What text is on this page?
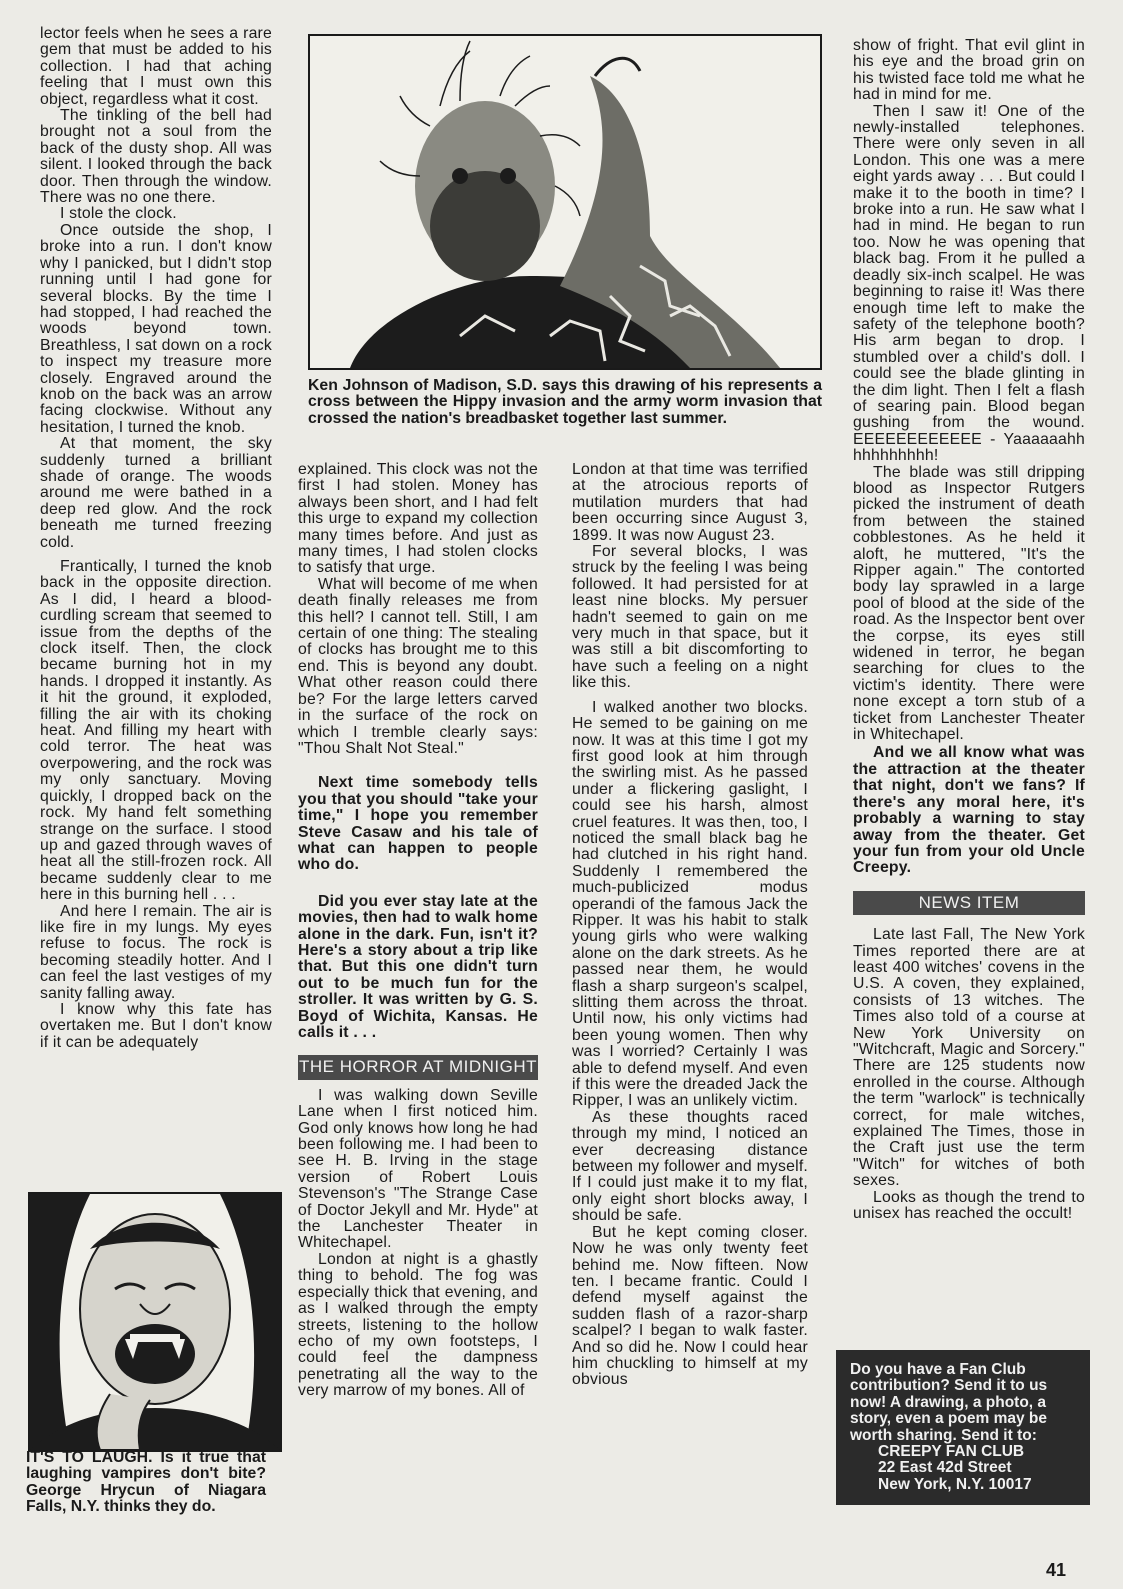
lector feels when he sees a rare gem that must be added to his collection. I had that aching feeling that I must own this object, regardless what it cost.

The tinkling of the bell had brought not a soul from the back of the dusty shop. All was silent. I looked through the back door. Then through the window. There was no one there.

I stole the clock.

Once outside the shop, I broke into a run. I don't know why I panicked, but I didn't stop running until I had gone for several blocks. By the time I had stopped, I had reached the woods beyond town. Breathless, I sat down on a rock to inspect my treasure more closely. Engraved around the knob on the back was an arrow facing clockwise. Without any hesitation, I turned the knob.

At that moment, the sky suddenly turned a brilliant shade of orange. The woods around me were bathed in a deep red glow. And the rock beneath me turned freezing cold.

Frantically, I turned the knob back in the opposite direction. As I did, I heard a blood-curdling scream that seemed to issue from the depths of the clock itself. Then, the clock became burning hot in my hands. I dropped it instantly. As it hit the ground, it exploded, filling the air with its choking heat. And filling my heart with cold terror. The heat was overpowering, and the rock was my only sanctuary. Moving quickly, I dropped back on the rock. My hand felt something strange on the surface. I stood up and gazed through waves of heat all the still-frozen rock. All became suddenly clear to me here in this burning hell . . .

And here I remain. The air is like fire in my lungs. My eyes refuse to focus. The rock is becoming steadily hotter. And I can feel the last vestiges of my sanity falling away.

I know why this fate has overtaken me. But I don't know if it can be adequately

Ken Johnson of Madison, S.D. says this drawing of his represents a cross between the Hippy invasion and the army worm invasion that crossed the nation's breadbasket together last summer.

explained. This clock was not the first I had stolen. Money has always been short, and I had felt this urge to expand my collection many times before. And just as many times, I had stolen clocks to satisfy that urge.

What will become of me when death finally releases me from this hell? I cannot tell. Still, I am certain of one thing: The stealing of clocks has brought me to this end. This is beyond any doubt. What other reason could there be? For the large letters carved in the surface of the rock on which I tremble clearly says: "Thou Shalt Not Steal."

Next time somebody tells you that you should "take your time," I hope you remember Steve Casaw and his tale of what can happen to people who do.

Did you ever stay late at the movies, then had to walk home alone in the dark. Fun, isn't it? Here's a story about a trip like that. But this one didn't turn out to be much fun for the stroller. It was written by G. S. Boyd of Wichita, Kansas. He calls it . . .

THE HORROR AT MIDNIGHT

I was walking down Seville Lane when I first noticed him. God only knows how long he had been following me. I had been to see H. B. Irving in the stage version of Robert Louis Stevenson's "The Strange Case of Doctor Jekyll and Mr. Hyde" at the Lanchester Theater in Whitechapel.

London at night is a ghastly thing to behold. The fog was especially thick that evening, and as I walked through the empty streets, listening to the hollow echo of my own footsteps, I could feel the dampness penetrating all the way to the very marrow of my bones. All of

London at that time was terrified at the atrocious reports of mutilation murders that had been occurring since August 3, 1899. It was now August 23.

For several blocks, I was struck by the feeling I was being followed. It had persisted for at least nine blocks. My persuer hadn't seemed to gain on me very much in that space, but it was still a bit discomforting to have such a feeling on a night like this.

I walked another two blocks. He semed to be gaining on me now. It was at this time I got my first good look at him through the swirling mist. As he passed under a flickering gaslight, I could see his harsh, almost cruel features. It was then, too, I noticed the small black bag he had clutched in his right hand. Suddenly I remembered the much-publicized modus operandi of the famous Jack the Ripper. It was his habit to stalk young girls who were walking alone on the dark streets. As he passed near them, he would flash a sharp surgeon's scalpel, slitting them across the throat. Until now, his only victims had been young women. Then why was I worried? Certainly I was able to defend myself. And even if this were the dreaded Jack the Ripper, I was an unlikely victim.

As these thoughts raced through my mind, I noticed an ever decreasing distance between my follower and myself. If I could just make it to my flat, only eight short blocks away, I should be safe.

But he kept coming closer. Now he was only twenty feet behind me. Now fifteen. Now ten. I became frantic. Could I defend myself against the sudden flash of a razor-sharp scalpel? I began to walk faster. And so did he. Now I could hear him chuckling to himself at my obvious

show of fright. That evil glint in his eye and the broad grin on his twisted face told me what he had in mind for me.

Then I saw it! One of the newly-installed telephones. There were only seven in all London. This one was a mere eight yards away . . . But could I make it to the booth in time? I broke into a run. He saw what I had in mind. He began to run too. Now he was opening that black bag. From it he pulled a deadly six-inch scalpel. He was beginning to raise it! Was there enough time left to make the safety of the telephone booth? His arm began to drop. I stumbled over a child's doll. I could see the blade glinting in the dim light. Then I felt a flash of searing pain. Blood began gushing from the wound. EEEEEEEEEEEE - Yaaaaaahh hhhhhhhhh!

The blade was still dripping blood as Inspector Rutgers picked the instrument of death from between the stained cobblestones. As he held it aloft, he muttered, "It's the Ripper again." The contorted body lay sprawled in a large pool of blood at the side of the road. As the Inspector bent over the corpse, its eyes still widened in terror, he began searching for clues to the victim's identity. There were none except a torn stub of a ticket from Lanchester Theater in Whitechapel.

And we all know what was the attraction at the theater that night, don't we fans? If there's any moral here, it's probably a warning to stay away from the theater. Get your fun from your old Uncle Creepy.

NEWS ITEM

Late last Fall, The New York Times reported there are at least 400 witches' covens in the U.S. A coven, they explained, consists of 13 witches. The Times also told of a course at New York University on "Witchcraft, Magic and Sorcery." There are 125 students now enrolled in the course. Although the term "warlock" is technically correct, for male witches, explained The Times, those in the Craft just use the term "Witch" for witches of both sexes.

Looks as though the trend to unisex has reached the occult!

IT'S TO LAUGH. Is it true that laughing vampires don't bite? George Hrycun of Niagara Falls, N.Y. thinks they do.
Do you have a Fan Club contribution? Send it to us now! A drawing, a photo, a story, even a poem may be worth sharing. Send it to:
CREEPY FAN CLUB
22 East 42d Street
New York, N.Y. 10017
41
